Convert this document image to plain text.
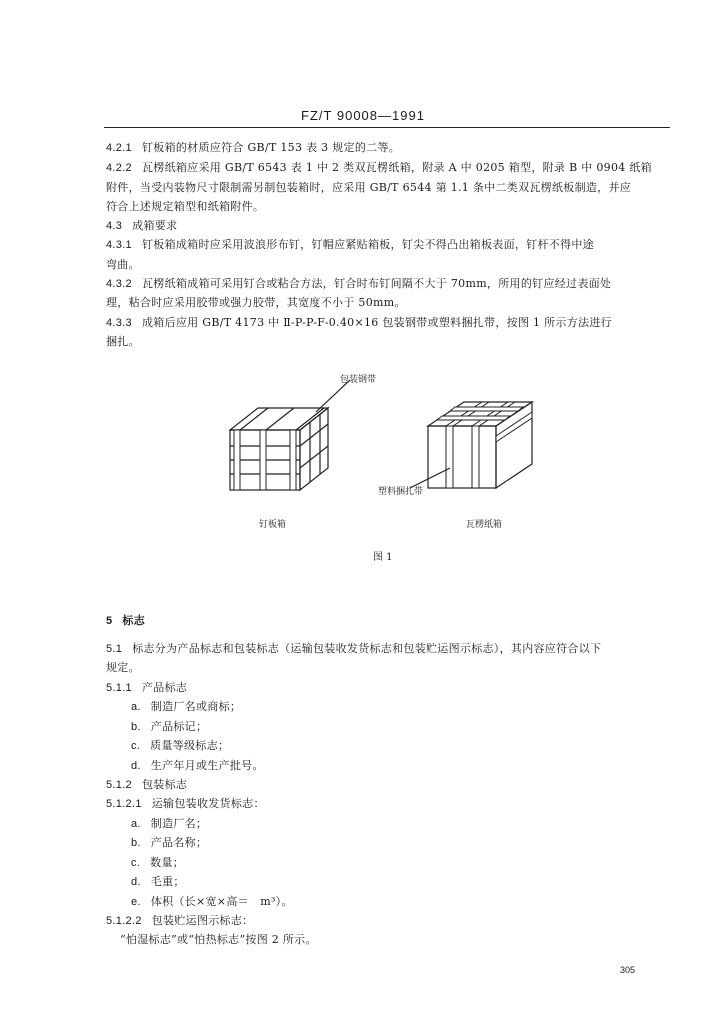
FZ/T 90008—1991
4.2.1 钉板箱的材质应符合 GB/T 153 表 3 规定的二等。
4.2.2 瓦楞纸箱应采用 GB/T 6543 表 1 中 2 类双瓦楞纸箱，附录 A 中 0205 箱型，附录 B 中 0904 纸箱
附件，当受内装物尺寸限制需另制包装箱时，应采用 GB/T 6544 第 1.1 条中二类双瓦楞纸板制造，并应
符合上述规定箱型和纸箱附件。
4.3 成箱要求
4.3.1 钉板箱成箱时应采用波浪形布钉，钉帽应紧贴箱板，钉尖不得凸出箱板表面，钉杆不得中途
弯曲。
4.3.2 瓦楞纸箱成箱可采用钉合或粘合方法，钉合时布钉间隔不大于 70mm，所用的钉应经过表面处
理，粘合时应采用胶带或强力胶带，其宽度不小于 50mm。
4.3.3 成箱后应用 GB/T 4173 中 Ⅱ-P-P-F-0.40×16 包装钢带或塑料捆扎带，按图 1 所示方法进行
捆扎。
包装钢带
塑料捆扎带
钉板箱	瓦楞纸箱
图 1
5 标志
5.1 标志分为产品标志和包装标志（运输包装收发货标志和包装贮运图示标志），其内容应符合以下
规定。
5.1.1 产品标志
a. 制造厂名或商标；
b. 产品标记；
c. 质量等级标志；
d. 生产年月或生产批号。
5.1.2 包装标志
5.1.2.1 运输包装收发货标志：
a. 制造厂名；
b. 产品名称；
c. 数量；
d. 毛重；
e. 体积（长×宽×高＝　m³）。
5.1.2.2 包装贮运图示标志：
“怕湿标志”或“怕热标志”按图 2 所示。
305
